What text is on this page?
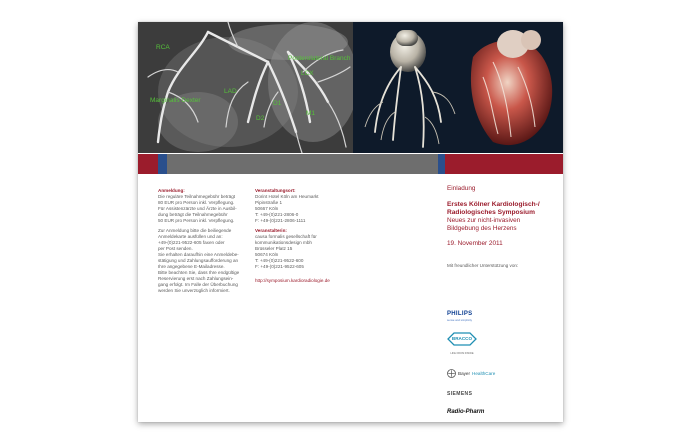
RCA
Posterolateral Branch
LCX
D1
M1
D2
LAD
Marginalis Dexter

Anmeldung:
Die reguläre Teilnahmegebühr beträgt
80 EUR pro Person inkl. Verpflegung.
Für Assistenzärzte und Ärzte in Ausbil-
dung beträgt die Teilnahmegebühr
50 EUR pro Person inkl. Verpflegung.

Zur Anmeldung bitte die beiliegende
Anmeldekarte ausfüllen und an:
+49-(0)221-9522-605 faxen oder
per Post senden.
Sie erhalten daraufhin eine Anmeldebe-
stätigung und Zahlungsaufforderung an
Ihre angegebene E-Mailadresse.
Bitte beachten Sie, dass Ihre endgültige
Reservierung erst nach Zahlungsein-
gang erfolgt. Im Falle der Überbuchung
werden Sie unverzüglich informiert.

Veranstaltungsort:
Dorint Hotel Köln am Heumarkt
Pipinstraße 1
50667 Köln
T: +49-(0)221-2806-0
F: +49-(0)221-2806-1111

Veranstalterin:
causa formalis gesellschaft für
kommunikationsdesign mbh
Brüsseler Platz 15
50674 Köln
T: +49-(0)221-9522-600
F: +49-(0)221-9522-605

http://symposium.kardioradiologie.de

Einladung
Erstes Kölner Kardiologisch-/
Radiologisches Symposium
Neues zur nicht-invasiven
Bildgebung des Herzens
19. November 2011
Mit freundlicher Unterstützung von:
PHILIPS
sense and simplicity
BRACCO
LIFE FROM INSIDE
Bayer HealthCare
SIEMENS
Radio-Pharm
